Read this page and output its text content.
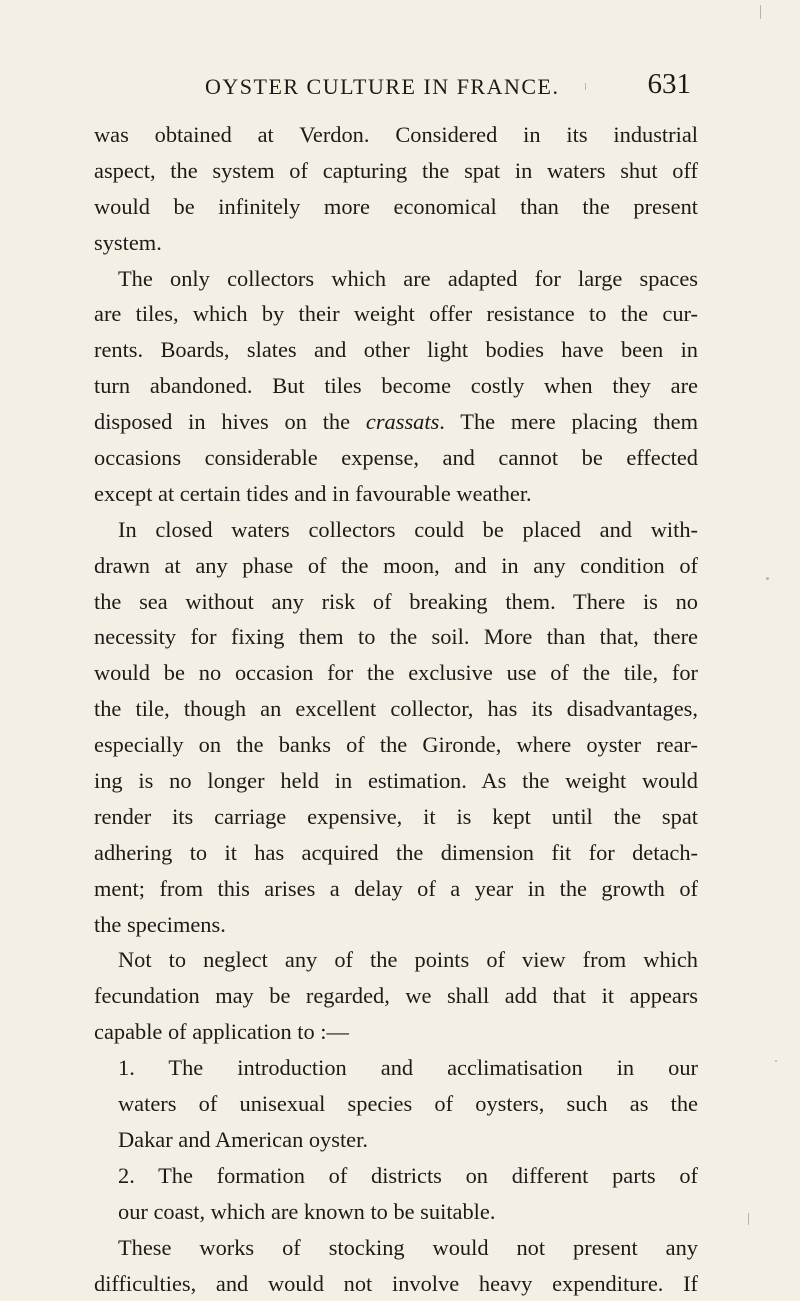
OYSTER CULTURE IN FRANCE.	631
was obtained at Verdon. Considered in its industrial
aspect, the system of capturing the spat in waters shut off
would be infinitely more economical than the present
system.
The only collectors which are adapted for large spaces
are tiles, which by their weight offer resistance to the cur-
rents. Boards, slates and other light bodies have been in
turn abandoned. But tiles become costly when they are
disposed in hives on the crassats. The mere placing them
occasions considerable expense, and cannot be effected
except at certain tides and in favourable weather.
In closed waters collectors could be placed and with-
drawn at any phase of the moon, and in any condition of
the sea without any risk of breaking them. There is no
necessity for fixing them to the soil. More than that, there
would be no occasion for the exclusive use of the tile, for
the tile, though an excellent collector, has its disadvantages,
especially on the banks of the Gironde, where oyster rear-
ing is no longer held in estimation. As the weight would
render its carriage expensive, it is kept until the spat
adhering to it has acquired the dimension fit for detach-
ment; from this arises a delay of a year in the growth of
the specimens.
Not to neglect any of the points of view from which
fecundation may be regarded, we shall add that it appears
capable of application to :—
1. The introduction and acclimatisation in our
waters of unisexual species of oysters, such as the
Dakar and American oyster.
2. The formation of districts on different parts of
our coast, which are known to be suitable.
These works of stocking would not present any
difficulties, and would not involve heavy expenditure. If
